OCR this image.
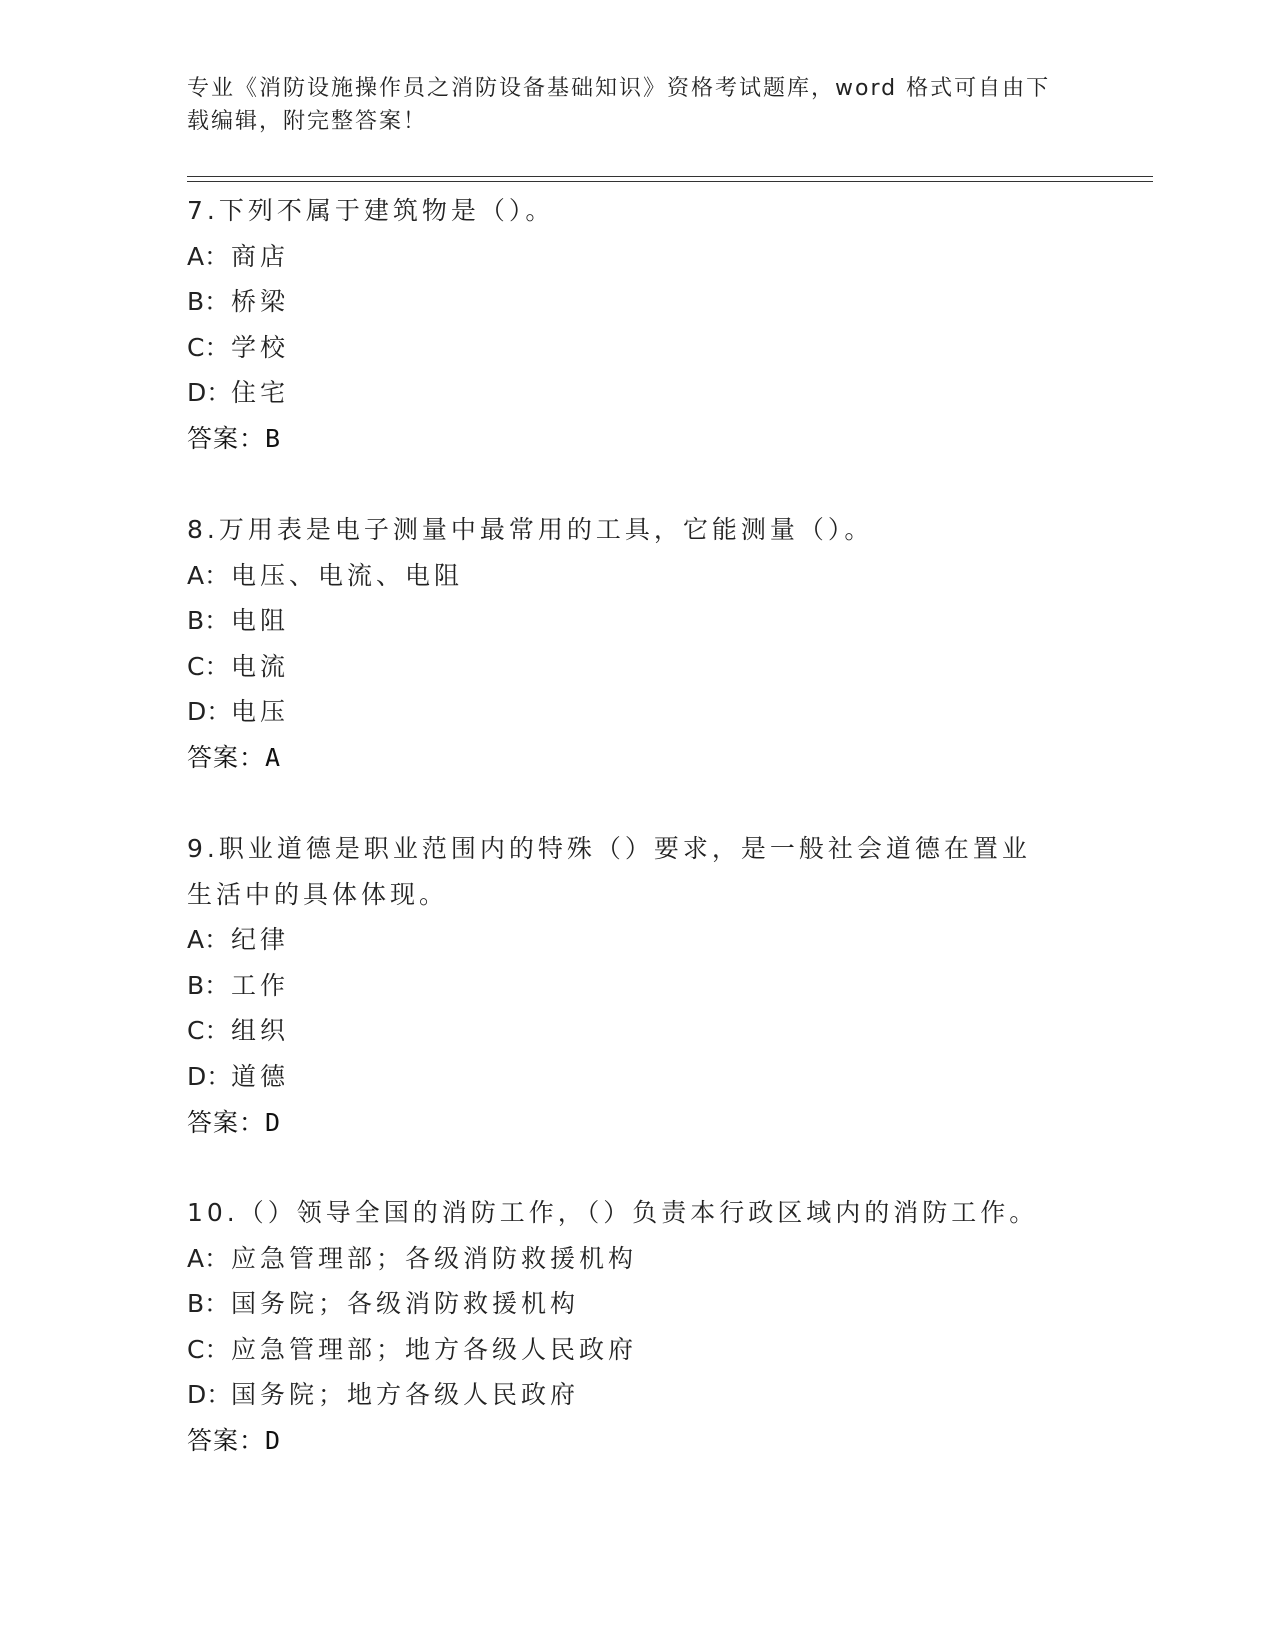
专业《消防设施操作员之消防设备基础知识》资格考试题库，word 格式可自由下载编辑，附完整答案！
7.下列不属于建筑物是（）。
A：商店
B：桥梁
C：学校
D：住宅
答案：B
8.万用表是电子测量中最常用的工具，它能测量（）。
A：电压、电流、电阻
B：电阻
C：电流
D：电压
答案：A
9.职业道德是职业范围内的特殊（）要求，是一般社会道德在置业生活中的具体体现。
A：纪律
B：工作
C：组织
D：道德
答案：D
10.（）领导全国的消防工作，（）负责本行政区域内的消防工作。
A：应急管理部；各级消防救援机构
B：国务院；各级消防救援机构
C：应急管理部；地方各级人民政府
D：国务院；地方各级人民政府
答案：D
